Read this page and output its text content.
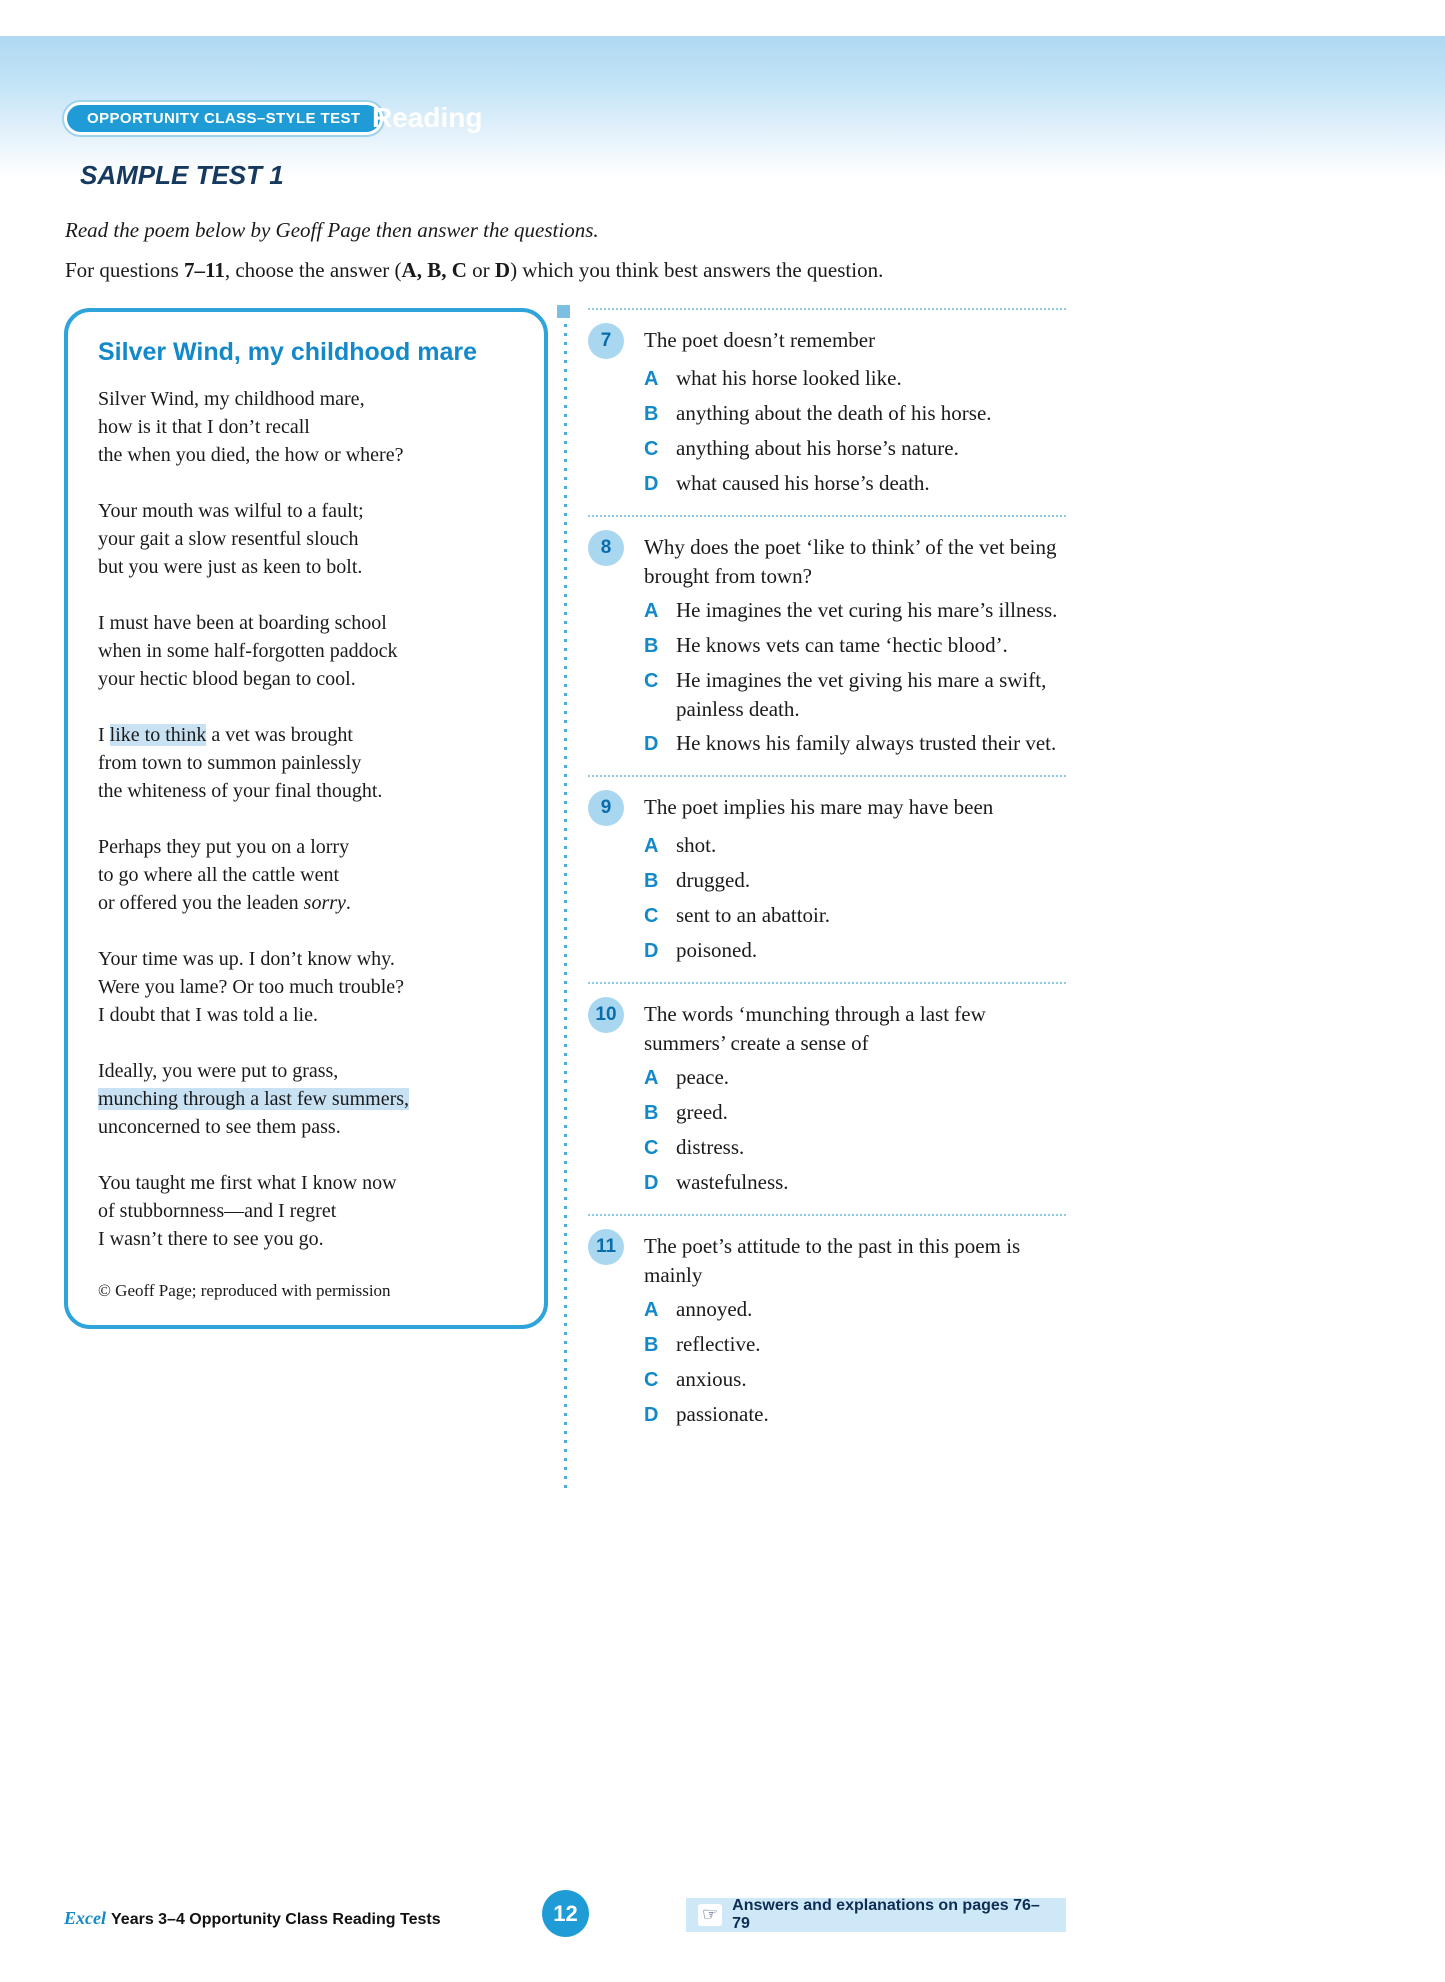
OPPORTUNITY CLASS–STYLE TEST Reading
SAMPLE TEST 1

Read the poem below by Geoff Page then answer the questions.

For questions 7–11, choose the answer (A, B, C or D) which you think best answers the question.

Silver Wind, my childhood mare
Silver Wind, my childhood mare,
how is it that I don’t recall
the when you died, the how or where?
Your mouth was wilful to a fault;
your gait a slow resentful slouch
but you were just as keen to bolt.
I must have been at boarding school
when in some half-forgotten paddock
your hectic blood began to cool.
I like to think a vet was brought
from town to summon painlessly
the whiteness of your final thought.
Perhaps they put you on a lorry
to go where all the cattle went
or offered you the leaden sorry.
Your time was up. I don’t know why.
Were you lame? Or too much trouble?
I doubt that I was told a lie.
Ideally, you were put to grass,
munching through a last few summers,
unconcerned to see them pass.
You taught me first what I know now
of stubbornness—and I regret
I wasn’t there to see you go.
© Geoff Page; reproduced with permission
7	The poet doesn’t remember
A what his horse looked like.
B anything about the death of his horse.
C anything about his horse’s nature.
D what caused his horse’s death.
8	Why does the poet ‘like to think’ of the vet being brought from town?
A He imagines the vet curing his mare’s illness.
B He knows vets can tame ‘hectic blood’.
C He imagines the vet giving his mare a swift, painless death.
D He knows his family always trusted their vet.
9	The poet implies his mare may have been
A shot.
B drugged.
C sent to an abattoir.
D poisoned.
10	The words ‘munching through a last few summers’ create a sense of
A peace.
B greed.
C distress.
D wastefulness.
11	The poet’s attitude to the past in this poem is mainly
A annoyed.
B reflective.
C anxious.
D passionate.
Excel Years 3–4 Opportunity Class Reading Tests	12	☞ Answers and explanations on pages 76–79
